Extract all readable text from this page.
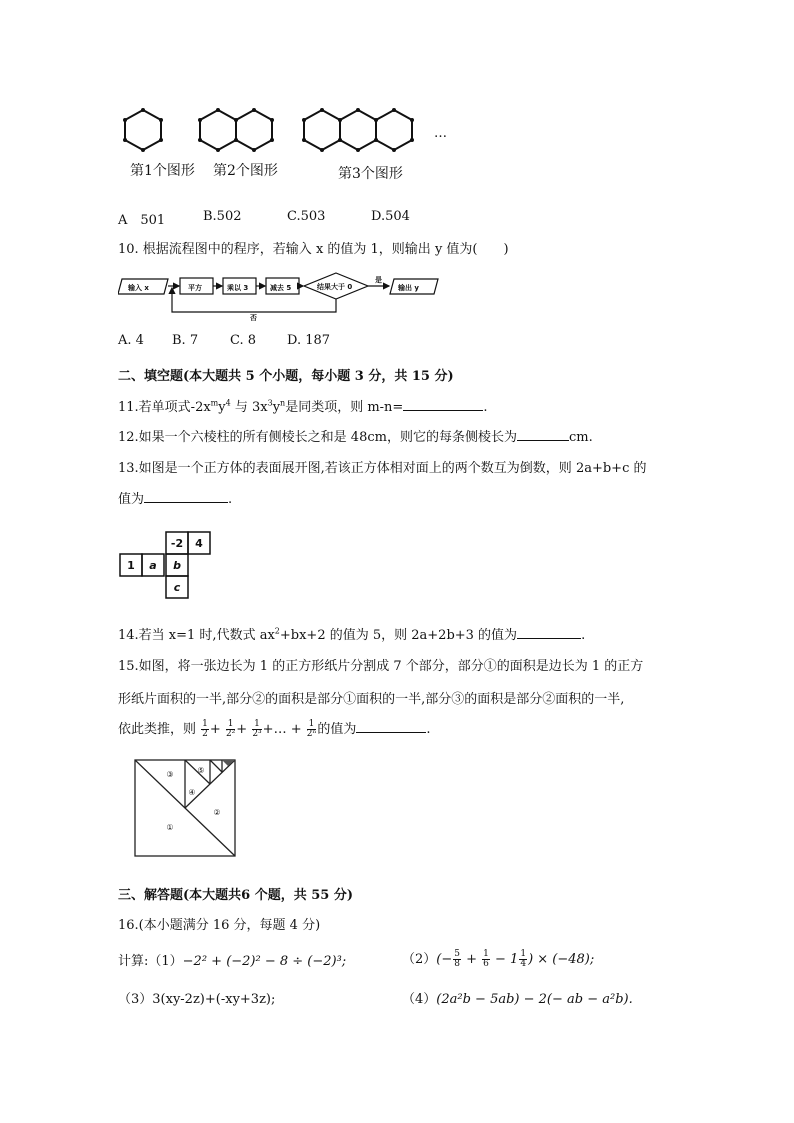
第1个图形 第2个图形	第3个图形
…
A　501	B.502	C.503	D.504
10. 根据流程图中的程序，若输入 x 的值为 1，则输出 y 值为(　　)
输入 x	平方	乘以 3	减去 5	结果大于 0	输出 y
是
否
A. 4 B. 7 C. 8 D. 187
二、填空题(本大题共 5 个小题，每小题 3 分，共 15 分)
11.若单项式$-2x^my^4$ 与 $3x^3y^n$是同类项，则 m-n=	.
12.如果一个六棱柱的所有侧棱长之和是 48cm，则它的每条侧棱长为	cm.
13.如图是一个正方体的表面展开图,若该正方体相对面上的两个数互为倒数，则 2a+b+c 的
值为	.
-2 4
1 a b
c
14.若当 x=1 时,代数式 $ax^2+bx+2$ 的值为 5，则 2a+2b+3 的值为	.
15.如图，将一张边长为 1 的正方形纸片分割成 7 个部分，部分①的面积是边长为 1 的正方
形纸片面积的一半,部分②的面积是部分①面积的一半,部分③的面积是部分②面积的一半,
依此类推，则 $\frac{1}{2} + \frac{1}{\text{2²}} + \frac{1}{\text{2³}}$ +… + $\frac{1}{\text{2ⁿ}}$ 的值为	.
①
②
③
④
⑤
三、解答题(本大题共6 个题，共 55 分)
16.(本小题满分 16 分，每题 4 分)
计算:（1）−2² + (−2)² − 8 ÷ (−2)³;	$(2)(- \frac{5}{8} + \frac{1}{6} - 1 \frac{1}{4}$ ) × (−48);
（3）3(xy-2z)+(-xy+3z);	（4）(2a²b − 5ab) − 2(− ab − a²b).
